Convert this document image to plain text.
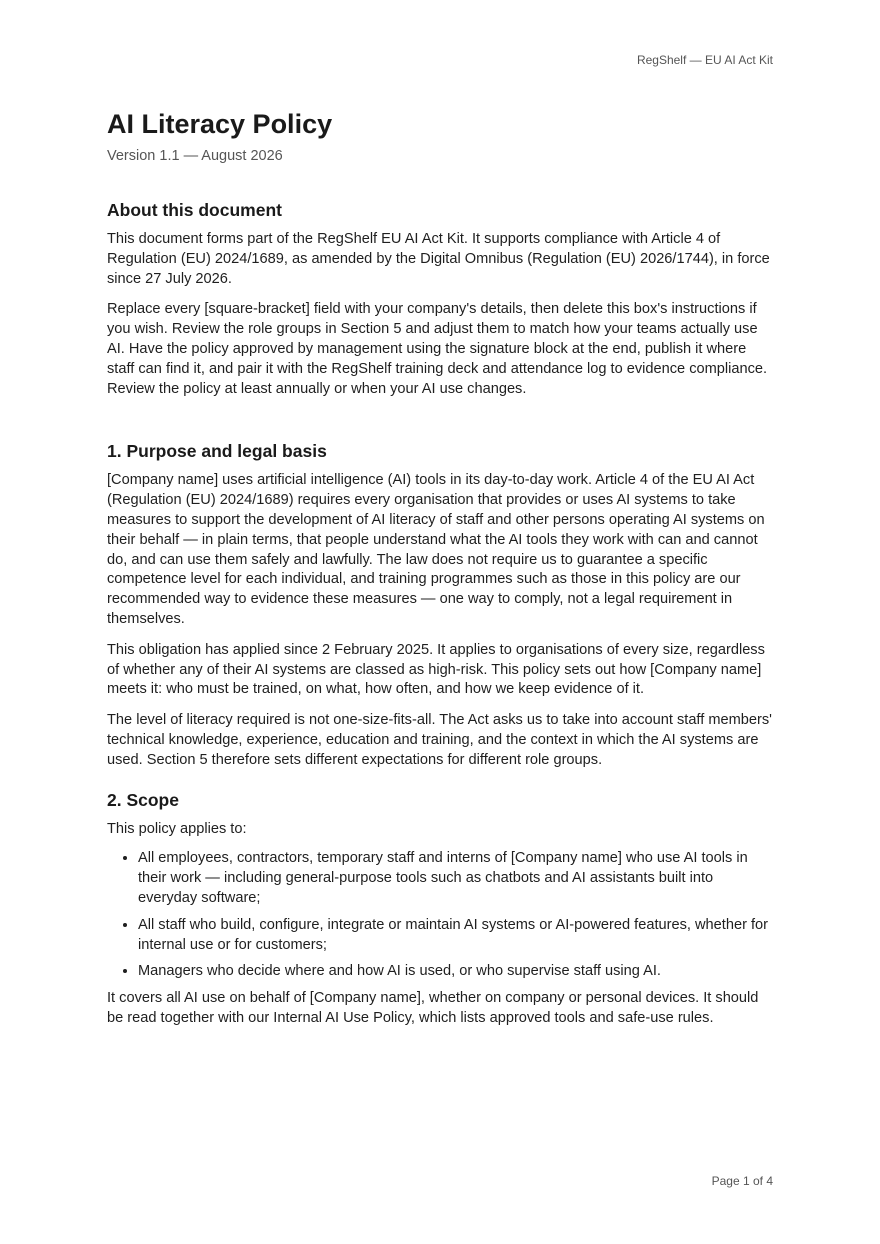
RegShelf — EU AI Act Kit
AI Literacy Policy
Version 1.1 — August 2026
About this document

This document forms part of the RegShelf EU AI Act Kit. It supports compliance with Article 4 of Regulation (EU) 2024/1689, as amended by the Digital Omnibus (Regulation (EU) 2026/1744), in force since 27 July 2026.

Replace every [square-bracket] field with your company's details, then delete this box's instructions if you wish. Review the role groups in Section 5 and adjust them to match how your teams actually use AI. Have the policy approved by management using the signature block at the end, publish it where staff can find it, and pair it with the RegShelf training deck and attendance log to evidence compliance. Review the policy at least annually or when your AI use changes.

1. Purpose and legal basis

[Company name] uses artificial intelligence (AI) tools in its day-to-day work. Article 4 of the EU AI Act (Regulation (EU) 2024/1689) requires every organisation that provides or uses AI systems to take measures to support the development of AI literacy of staff and other persons operating AI systems on their behalf — in plain terms, that people understand what the AI tools they work with can and cannot do, and can use them safely and lawfully. The law does not require us to guarantee a specific competence level for each individual, and training programmes such as those in this policy are our recommended way to evidence these measures — one way to comply, not a legal requirement in themselves.

This obligation has applied since 2 February 2025. It applies to organisations of every size, regardless of whether any of their AI systems are classed as high-risk. This policy sets out how [Company name] meets it: who must be trained, on what, how often, and how we keep evidence of it.

The level of literacy required is not one-size-fits-all. The Act asks us to take into account staff members' technical knowledge, experience, education and training, and the context in which the AI systems are used. Section 5 therefore sets different expectations for different role groups.

2. Scope

This policy applies to:

• All employees, contractors, temporary staff and interns of [Company name] who use AI tools in their work — including general-purpose tools such as chatbots and AI assistants built into everyday software;
• All staff who build, configure, integrate or maintain AI systems or AI-powered features, whether for internal use or for customers;
• Managers who decide where and how AI is used, or who supervise staff using AI.

It covers all AI use on behalf of [Company name], whether on company or personal devices. It should be read together with our Internal AI Use Policy, which lists approved tools and safe-use rules.

Page 1 of 4
